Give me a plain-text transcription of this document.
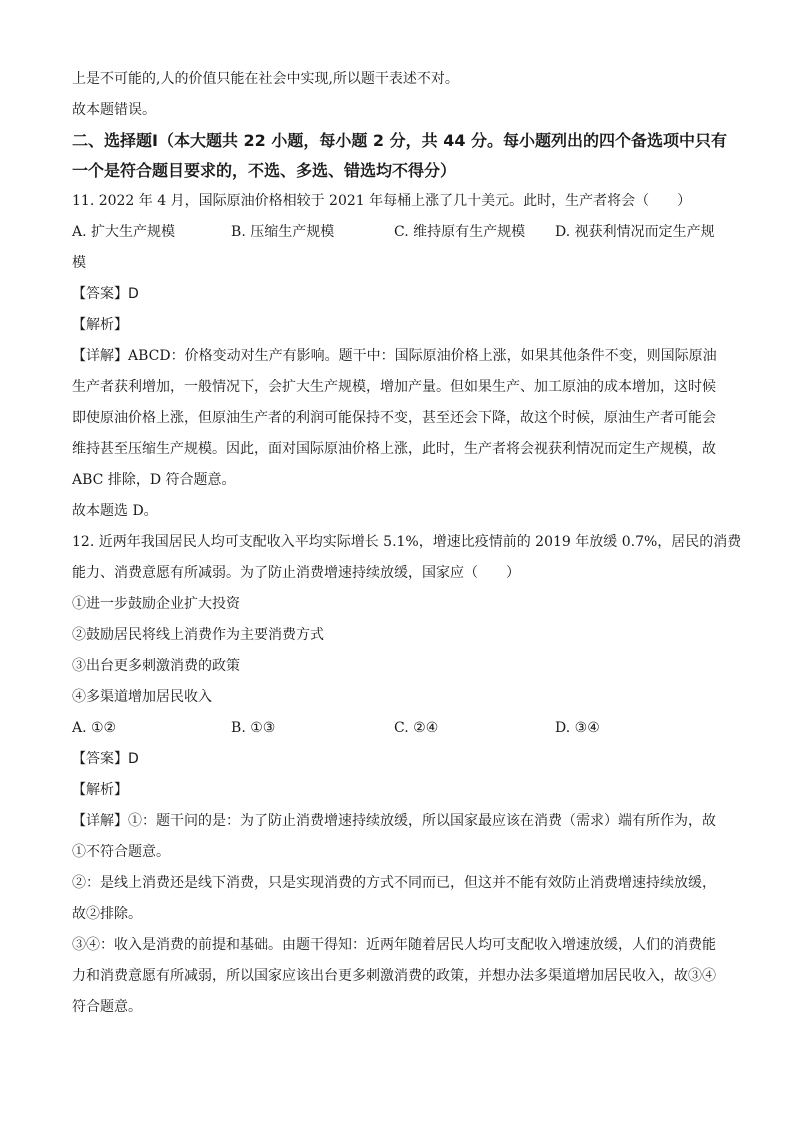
上是不可能的,人的价值只能在社会中实现,所以题干表述不对。
故本题错误。
二、选择题Ⅰ（本大题共 22 小题，每小题 2 分，共 44 分。每小题列出的四个备选项中只有
一个是符合题目要求的，不选、多选、错选均不得分）
11. 2022 年 4 月，国际原油价格相较于 2021 年每桶上涨了几十美元。此时，生产者将会（　　）
A. 扩大生产规模	B. 压缩生产规模	C. 维持原有生产规模	D. 视获利情况而定生产规
模
【答案】D
【解析】
【详解】ABCD：价格变动对生产有影响。题干中：国际原油价格上涨，如果其他条件不变，则国际原油
生产者获利增加，一般情况下，会扩大生产规模，增加产量。但如果生产、加工原油的成本增加，这时候
即使原油价格上涨，但原油生产者的利润可能保持不变，甚至还会下降，故这个时候，原油生产者可能会
维持甚至压缩生产规模。因此，面对国际原油价格上涨，此时，生产者将会视获利情况而定生产规模，故
ABC 排除，D 符合题意。
故本题选 D。
12. 近两年我国居民人均可支配收入平均实际增长 5.1%，增速比疫情前的 2019 年放缓 0.7%，居民的消费
能力、消费意愿有所减弱。为了防止消费增速持续放缓，国家应（　　）
①进一步鼓励企业扩大投资
②鼓励居民将线上消费作为主要消费方式
③出台更多刺激消费的政策
④多渠道增加居民收入
A. ①②	B. ①③	C. ②④	D. ③④
【答案】D
【解析】
【详解】①：题干问的是：为了防止消费增速持续放缓，所以国家最应该在消费（需求）端有所作为，故
①不符合题意。
②：是线上消费还是线下消费，只是实现消费的方式不同而已，但这并不能有效防止消费增速持续放缓，
故②排除。
③④：收入是消费的前提和基础。由题干得知：近两年随着居民人均可支配收入增速放缓，人们的消费能
力和消费意愿有所减弱，所以国家应该出台更多刺激消费的政策，并想办法多渠道增加居民收入，故③④
符合题意。
